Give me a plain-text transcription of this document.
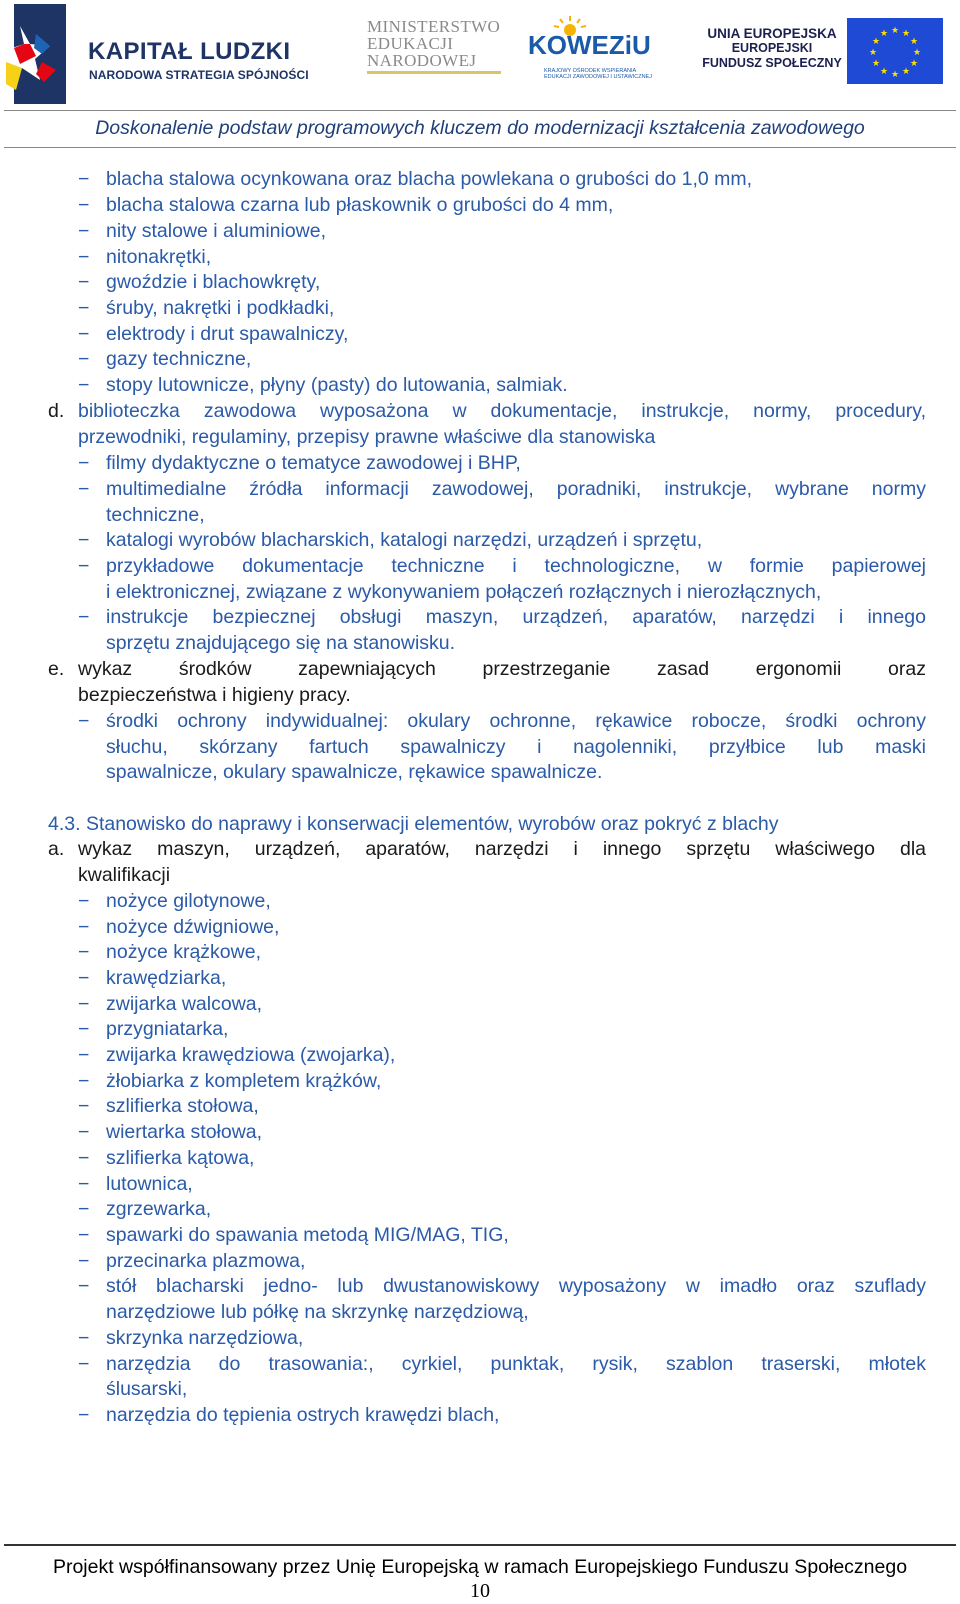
KAPITAŁ LUDZKI
NARODOWA STRATEGIA SPÓJNOŚCI
MINISTERSTWO
EDUKACJI
NARODOWEJ
KOWEZiU
KRAJOWY OŚRODEK WSPIERANIA EDUKACJI ZAWODOWEJ I USTAWICZNEJ
UNIA EUROPEJSKA
EUROPEJSKI
FUNDUSZ SPOŁECZNY
★ ★
★
★
★
★
★
★
★
★
★
★
Doskonalenie podstaw programowych kluczem do modernizacji kształcenia zawodowego
− blacha stalowa ocynkowana oraz blacha powlekana o grubości do 1,0 mm,
− blacha stalowa czarna lub płaskownik o grubości do 4 mm,
− nity stalowe i aluminiowe,
− nitonakrętki,
− gwoździe i blachowkręty,
− śruby, nakrętki i podkładki,
− elektrody i drut spawalniczy,
− gazy techniczne,
− stopy lutownicze, płyny (pasty) do lutowania, salmiak.
d. biblioteczka zawodowa wyposażona w dokumentacje, instrukcje, normy, procedury,
przewodniki, regulaminy, przepisy prawne właściwe dla stanowiska
− filmy dydaktyczne o tematyce zawodowej i BHP,
− multimedialne źródła informacji zawodowej, poradniki, instrukcje, wybrane normy
techniczne,
− katalogi wyrobów blacharskich, katalogi narzędzi, urządzeń i sprzętu,
− przykładowe dokumentacje techniczne i technologiczne, w formie papierowej
i elektronicznej, związane z wykonywaniem połączeń rozłącznych i nierozłącznych,
− instrukcje bezpiecznej obsługi maszyn, urządzeń, aparatów, narzędzi i innego
sprzętu znajdującego się na stanowisku.
e. wykaz środków zapewniających przestrzeganie zasad ergonomii oraz
bezpieczeństwa i higieny pracy.
− środki ochrony indywidualnej: okulary ochronne, rękawice robocze, środki ochrony
słuchu, skórzany fartuch spawalniczy i nagolenniki, przyłbice lub maski
spawalnicze, okulary spawalnicze, rękawice spawalnicze.
4.3. Stanowisko do naprawy i konserwacji elementów, wyrobów oraz pokryć z blachy
a. wykaz maszyn, urządzeń, aparatów, narzędzi i innego sprzętu właściwego dla
kwalifikacji
− nożyce gilotynowe,
− nożyce dźwigniowe,
− nożyce krążkowe,
− krawędziarka,
− zwijarka walcowa,
− przygniatarka,
− zwijarka krawędziowa (zwojarka),
− żłobiarka z kompletem krążków,
− szlifierka stołowa,
− wiertarka stołowa,
− szlifierka kątowa,
− lutownica,
− zgrzewarka,
− spawarki do spawania metodą MIG/MAG, TIG,
− przecinarka plazmowa,
− stół blacharski jedno- lub dwustanowiskowy wyposażony w imadło oraz szuflady
narzędziowe lub półkę na skrzynkę narzędziową,
− skrzynka narzędziowa,
− narzędzia do trasowania:, cyrkiel, punktak, rysik, szablon traserski, młotek
ślusarski,
− narzędzia do tępienia ostrych krawędzi blach,
Projekt współfinansowany przez Unię Europejską w ramach Europejskiego Funduszu Społecznego
10
